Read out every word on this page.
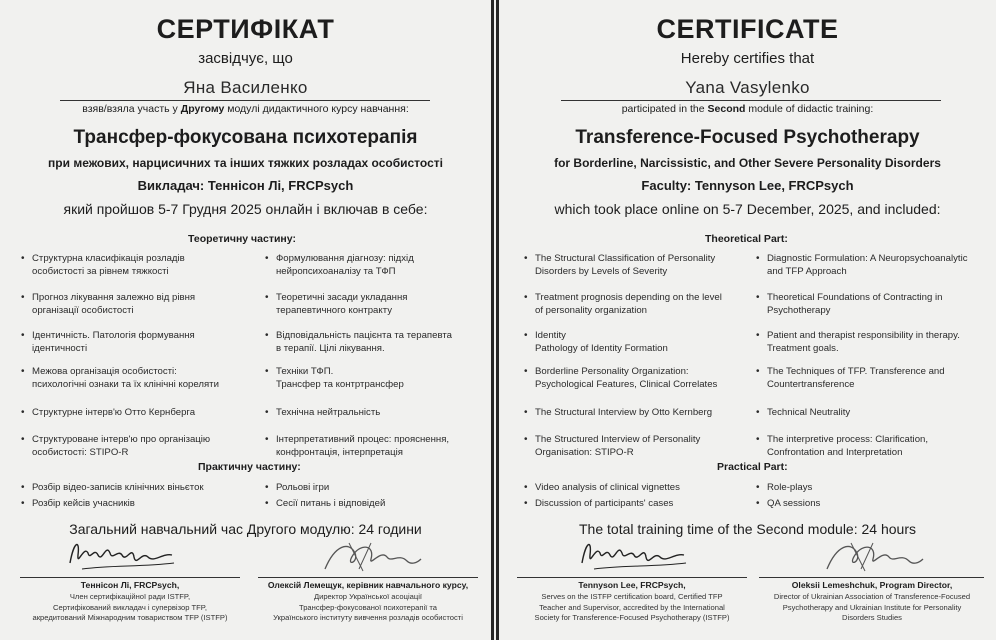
СЕРТИФІКАТ
засвідчує, що
Яна Василенко
взяв/взяла участь у Другому модулі дидактичного курсу навчання:
Трансфер-фокусована психотерапія
при межових, нарцисичних та інших тяжких розладах особистості
Викладач: Теннісон Лі, FRCPsych
який пройшов 5-7 Грудня 2025 онлайн і включав в себе:
Теоретичну частину:
• Структурна класифікація розладів
особистості за рівнем тяжкості
• Прогноз лікування залежно від рівня
організації особистості
• Ідентичність. Патологія формування
ідентичності
• Межова організація особистості:
психологічні ознаки та їх клінічні кореляти
• Структурне інтерв'ю Отто Кернберга
• Структуроване інтерв'ю про організацію
особистості: STIPO-R
• Формулювання діагнозу: підхід
нейропсихоаналізу та ТФП
• Теоретичні засади укладання
терапевтичного контракту
• Відповідальність пацієнта та терапевта
в терапії. Цілі лікування.
• Техніки ТФП.
Трансфер та контртрансфер
• Технічна нейтральність
• Інтерпретативний процес: прояснення,
конфронтація, інтерпретація
Практичну частину:
• Розбір відео-записів клінічних віньєток
• Розбір кейсів учасників
• Рольові ігри
• Сесії питань і відповідей
Загальний навчальний час Другого модулю: 24 години
Теннісон Лі, FRCPsych,
Член сертифікаційної ради ISTFP,
Сертифікований викладач і супервізор TFP,
акредитований Міжнародним товариством TFP (ISTFP)
Олексій Лемещук, керівник навчального курсу,
Директор Української асоціації
Трансфер-фокусованої психотерапії та
Українського інституту вивчення розладів особистості
CERTIFICATE
Hereby certifies that
Yana Vasylenko
participated in the Second module of didactic training:
Transference-Focused Psychotherapy
for Borderline, Narcissistic, and Other Severe Personality Disorders
Faculty: Tennyson Lee, FRCPsych
which took place online on 5-7 December, 2025, and included:
Theoretical Part:
• The Structural Classification of Personality
Disorders by Levels of Severity
• Treatment prognosis depending on the level
of personality organization
• Identity
Pathology of Identity Formation
• Borderline Personality Organization:
Psychological Features, Clinical Correlates
• The Structural Interview by Otto Kernberg
• The Structured Interview of Personality
Organisation: STIPO-R
• Diagnostic Formulation: A Neuropsychoanalytic
and TFP Approach
• Theoretical Foundations of Contracting in
Psychotherapy
• Patient and therapist responsibility in therapy.
Treatment goals.
• The Techniques of TFP. Transference and
Countertransference
• Technical Neutrality
• The interpretive process: Clarification,
Confrontation and Interpretation
Practical Part:
• Video analysis of clinical vignettes
• Discussion of participants' cases
• Role-plays
• QA sessions
The total training time of the Second module: 24 hours
Tennyson Lee, FRCPsych,
Serves on the ISTFP certification board, Certified TFP
Teacher and Supervisor, accredited by the International
Society for Transference-Focused Psychotherapy (ISTFP)
Oleksii Lemeshchuk, Program Director,
Director of Ukrainian Association of Transference-Focused
Psychotherapy and Ukrainian Institute for Personality
Disorders Studies
